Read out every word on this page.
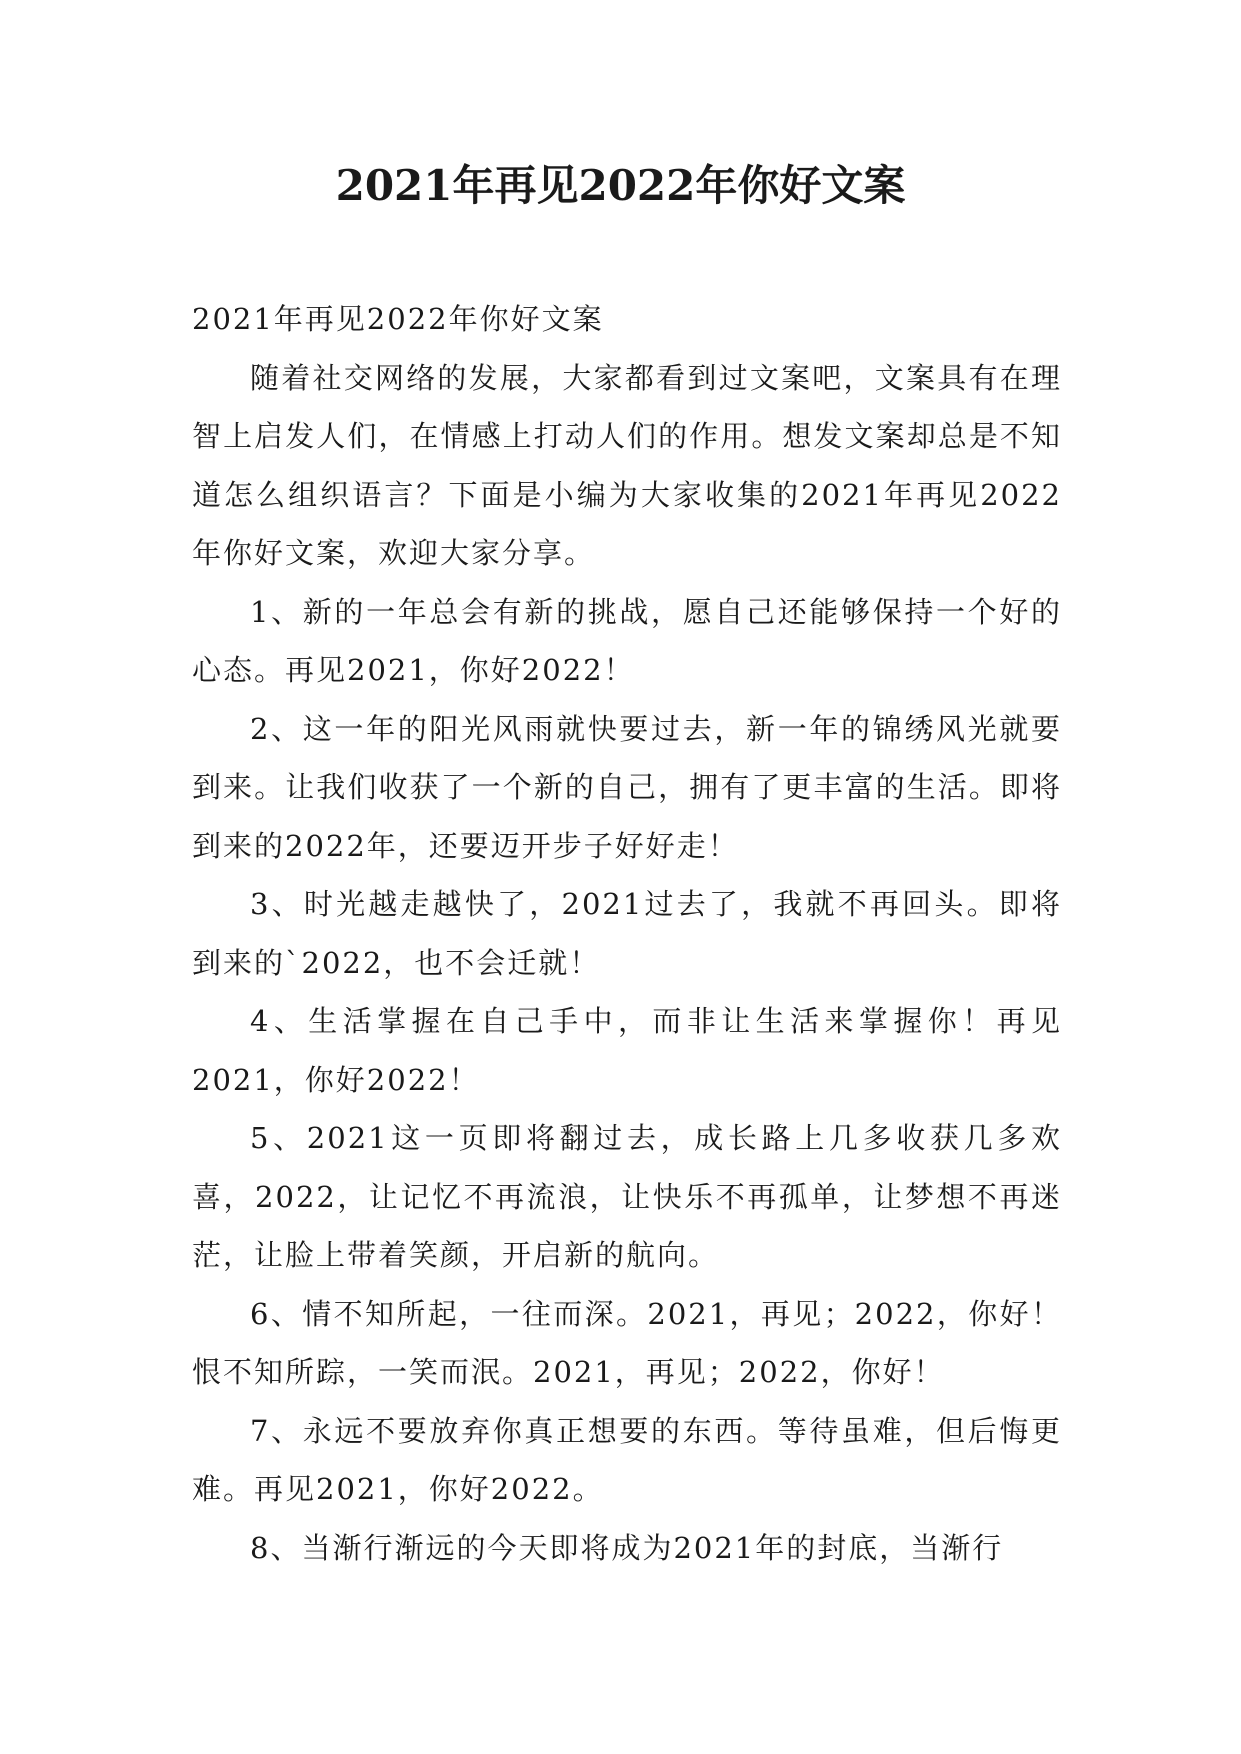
2021年再见2022年你好文案

2021年再见2022年你好文案

随着社交网络的发展，大家都看到过文案吧，文案具有在理智上启发人们，在情感上打动人们的作用。想发文案却总是不知道怎么组织语言？下面是小编为大家收集的2021年再见2022年你好文案，欢迎大家分享。

1、新的一年总会有新的挑战，愿自己还能够保持一个好的心态。再见2021，你好2022！

2、这一年的阳光风雨就快要过去，新一年的锦绣风光就要到来。让我们收获了一个新的自己，拥有了更丰富的生活。即将到来的2022年，还要迈开步子好好走！

3、时光越走越快了，2021过去了，我就不再回头。即将到来的`2022，也不会迁就！

4、生活掌握在自己手中，而非让生活来掌握你！再见2021，你好2022！

5、2021这一页即将翻过去，成长路上几多收获几多欢喜，2022，让记忆不再流浪，让快乐不再孤单，让梦想不再迷茫，让脸上带着笑颜，开启新的航向。

6、情不知所起，一往而深。2021，再见；2022，你好！恨不知所踪，一笑而泯。2021，再见；2022，你好！

7、永远不要放弃你真正想要的东西。等待虽难，但后悔更难。再见2021，你好2022。

8、当渐行渐远的今天即将成为2021年的封底，当渐行
